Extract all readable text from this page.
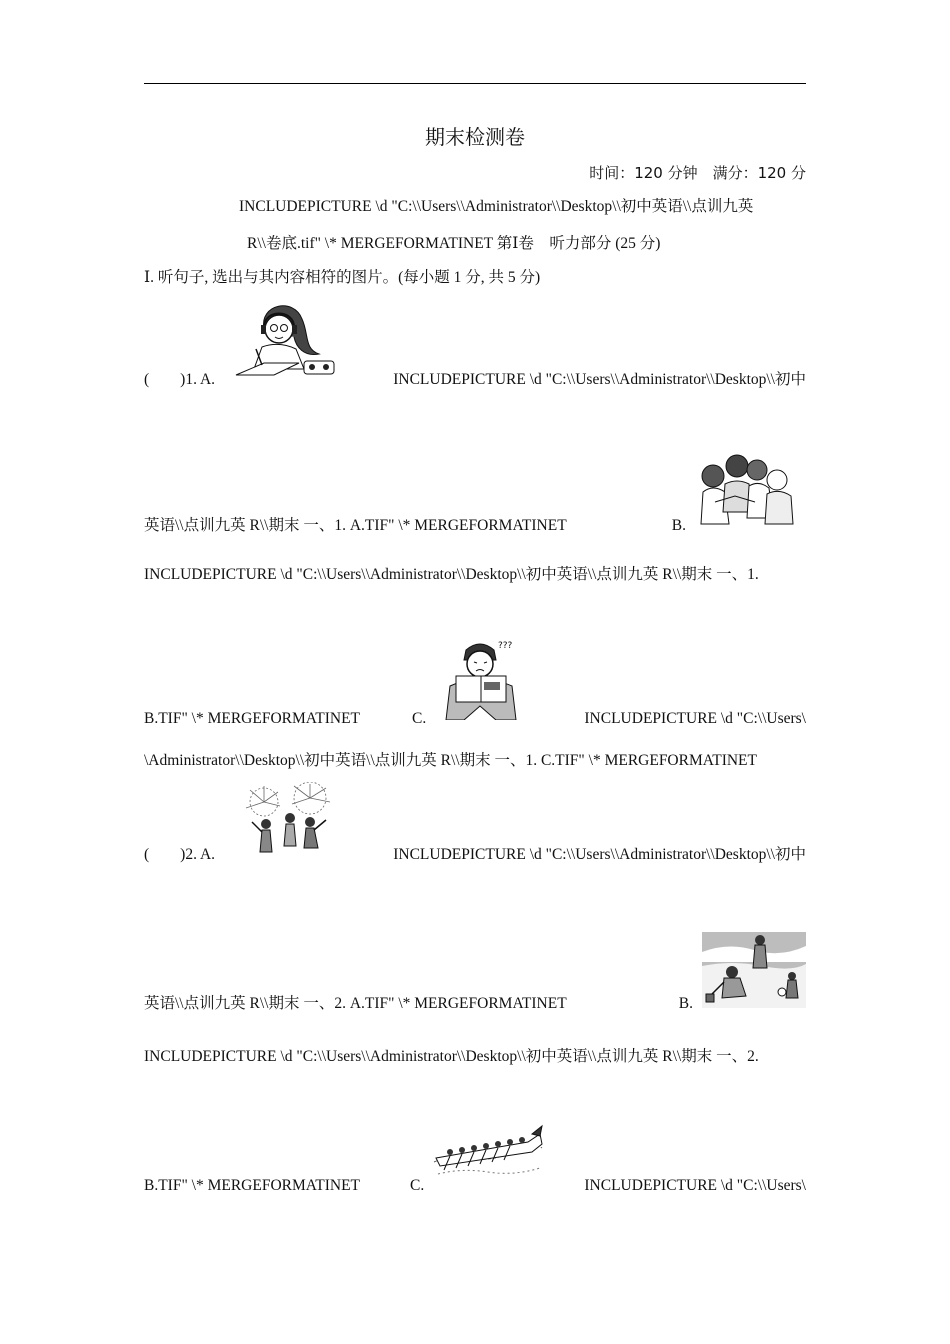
期末检测卷
时间：120 分钟　满分：120 分
INCLUDEPICTURE \d "C:\\Users\\Administrator\\Desktop\\初中英语\\点训九英
R\\卷底.tif" \* MERGEFORMATINET 第Ⅰ卷　听力部分 (25 分)
Ⅰ. 听句子, 选出与其内容相符的图片。(每小题 1 分, 共 5 分)
(　　)1. A.	INCLUDEPICTURE \d "C:\\Users\\Administrator\\Desktop\\初中
英语\\点训九英 R\\期末 一、1. A.TIF" \* MERGEFORMATINET	B.
INCLUDEPICTURE \d "C:\\Users\\Administrator\\Desktop\\初中英语\\点训九英 R\\期末 一、1.
???
B.TIF" \* MERGEFORMATINET	C.	INCLUDEPICTURE \d "C:\\Users\
\Administrator\\Desktop\\初中英语\\点训九英 R\\期末 一、1. C.TIF" \* MERGEFORMATINET
(　　)2. A.	INCLUDEPICTURE \d "C:\\Users\\Administrator\\Desktop\\初中
英语\\点训九英 R\\期末 一、2. A.TIF" \* MERGEFORMATINET	B.
INCLUDEPICTURE \d "C:\\Users\\Administrator\\Desktop\\初中英语\\点训九英 R\\期末 一、2.
B.TIF" \* MERGEFORMATINET	C.	INCLUDEPICTURE \d "C:\\Users\
